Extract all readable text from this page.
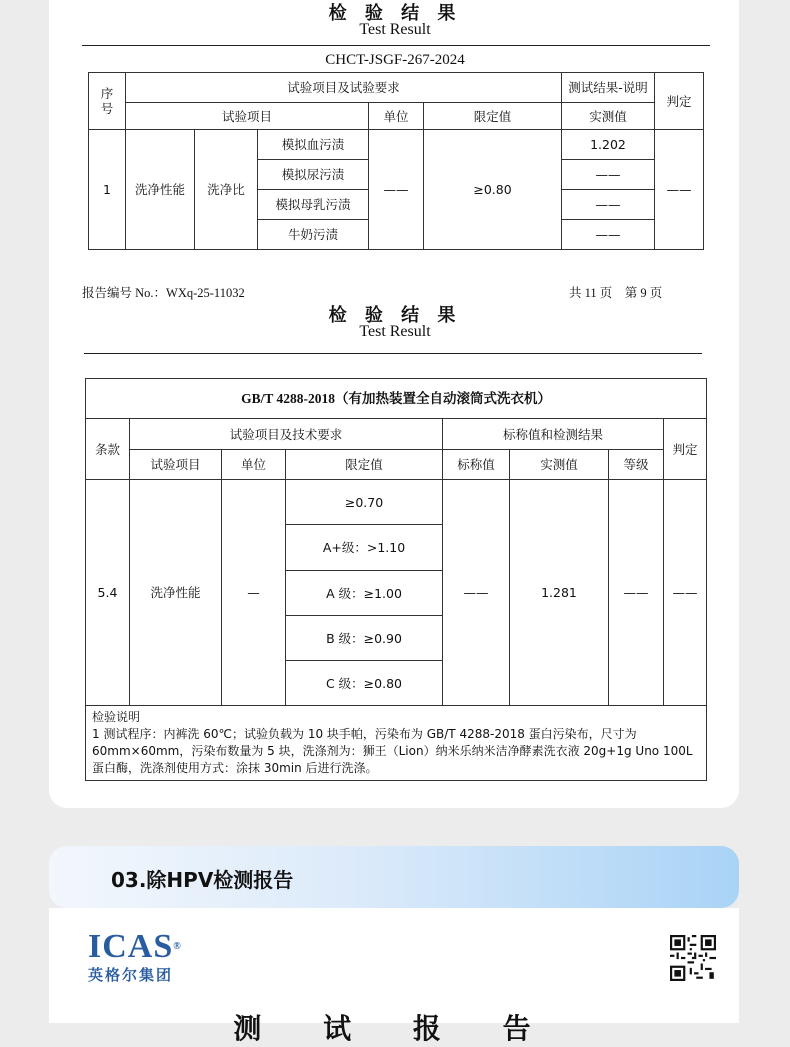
检 验 结 果
Test Result
CHCT-JSGF-267-2024
序
号	试验项目及试验要求					测试结果-说明	判定
	试验项目			单位	限定值	实测值	
1	洗净性能	洗净比	模拟血污渍	——	≥0.80	1.202	——
			模拟尿污渍			——	
			模拟母乳污渍			——	
			牛奶污渍			——	
报告编号 No.：WXq-25-11032	共 11 页　第 9 页
检 验 结 果
Test Result
GB/T 4288-2018（有加热装置全自动滚筒式洗衣机）							
条款	试验项目及技术要求			标称值和检测结果			判定
	试验项目	单位	限定值	标称值	实测值	等级	
5.4	洗净性能	—	≥0.70	——	1.281	——	——
			A+级：>1.10				
			A 级：≥1.00				
			B 级：≥0.90				
			C 级：≥0.80				

检验说明
1 测试程序：内裤洗 60℃；试验负载为 10 块手帕，污染布为 GB/T 4288-2018 蛋白污染布，尺寸为 60mm×60mm，污染布数量为 5 块，洗涤剂为：狮王（Lion）纳米乐纳米洁净酵素洗衣液 20g+1g Uno 100L 蛋白酶，洗涤剂使用方式：涂抹 30min 后进行洗涤。							
03.除HPV检测报告
ICAS®
英格尔集团
测 试 报 告
